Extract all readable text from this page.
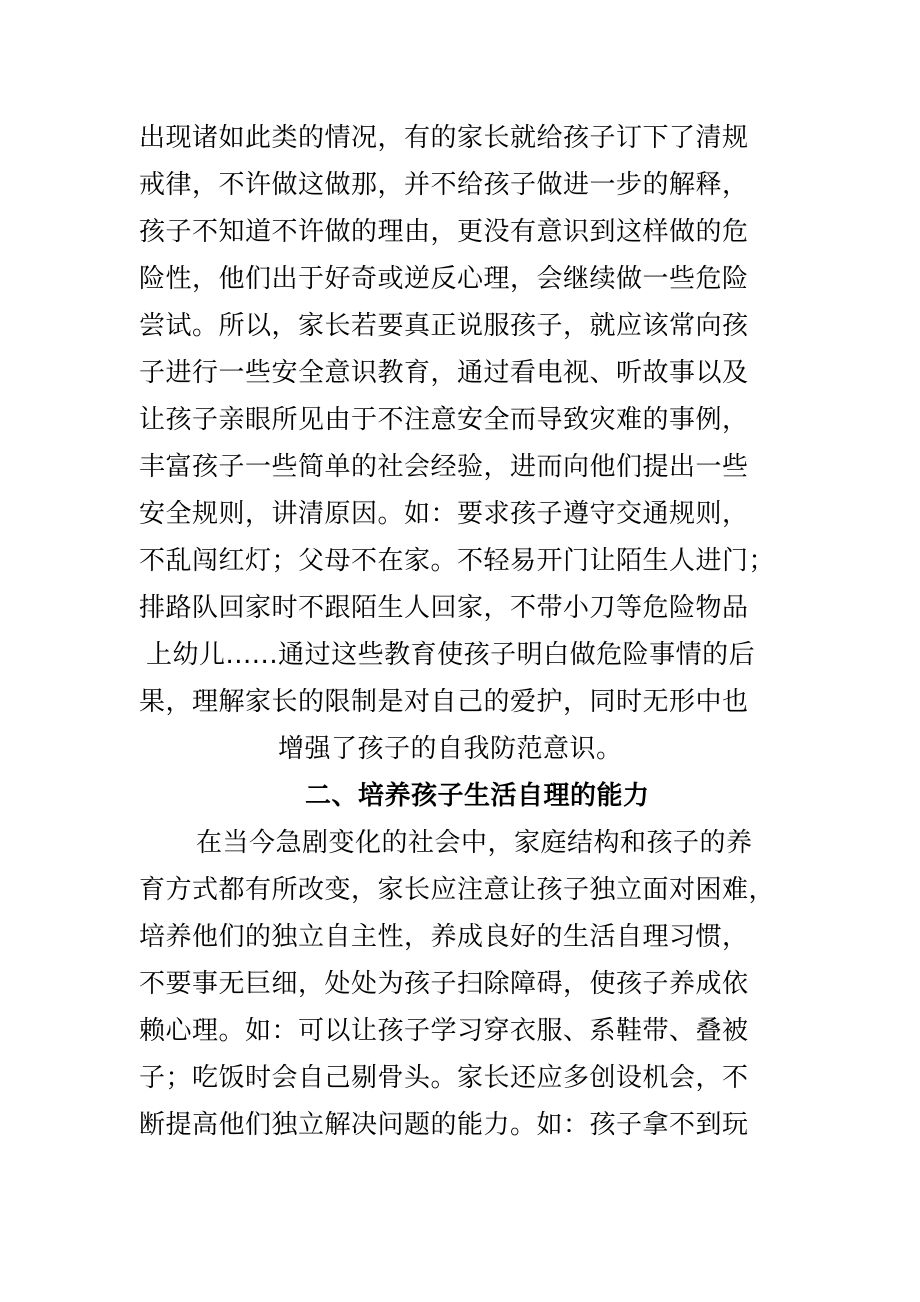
出现诸如此类的情况，有的家长就给孩子订下了清规
戒律，不许做这做那，并不给孩子做进一步的解释，
孩子不知道不许做的理由，更没有意识到这样做的危
险性，他们出于好奇或逆反心理，会继续做一些危险
尝试。所以，家长若要真正说服孩子，就应该常向孩
子进行一些安全意识教育，通过看电视、听故事以及
让孩子亲眼所见由于不注意安全而导致灾难的事例，
丰富孩子一些简单的社会经验，进而向他们提出一些
安全规则，讲清原因。如：要求孩子遵守交通规则，
不乱闯红灯；父母不在家。不轻易开门让陌生人进门；
排路队回家时不跟陌生人回家，不带小刀等危险物品
上幼儿......通过这些教育使孩子明白做危险事情的后
果，理解家长的限制是对自己的爱护，同时无形中也
增强了孩子的自我防范意识。
二、培养孩子生活自理的能力
在当今急剧变化的社会中，家庭结构和孩子的养
育方式都有所改变，家长应注意让孩子独立面对困难，
培养他们的独立自主性，养成良好的生活自理习惯，
不要事无巨细，处处为孩子扫除障碍，使孩子养成依
赖心理。如：可以让孩子学习穿衣服、系鞋带、叠被
子；吃饭时会自己剔骨头。家长还应多创设机会，不
断提高他们独立解决问题的能力。如：孩子拿不到玩
